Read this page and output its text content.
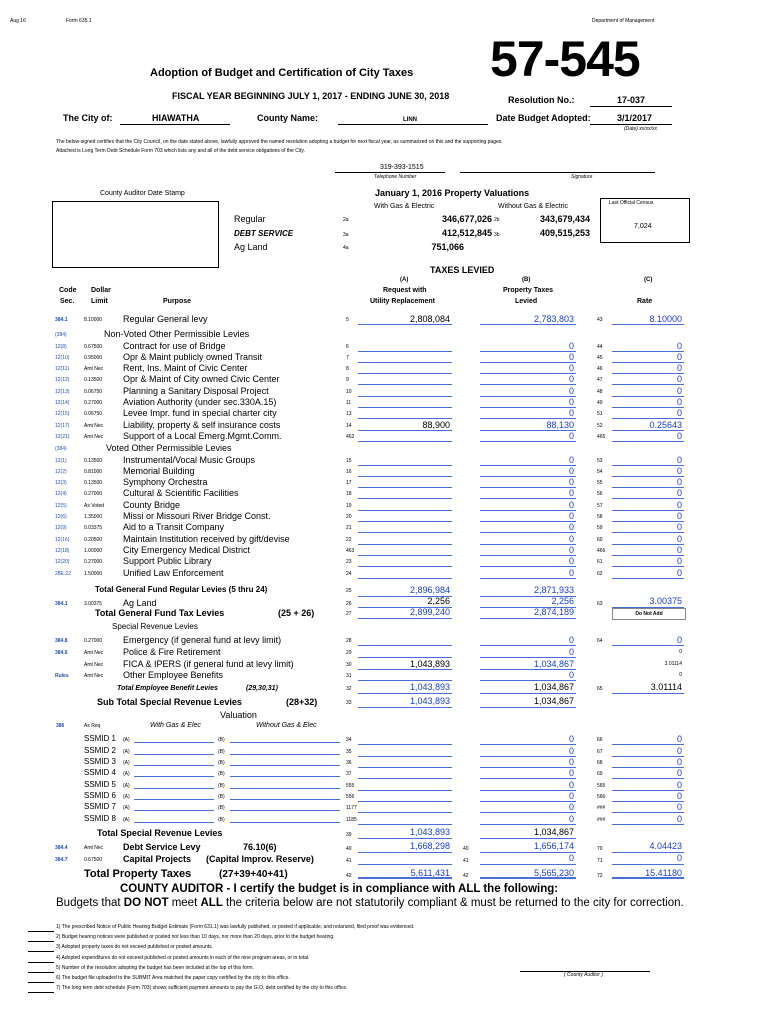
Aug 16	Form 635.1	Department of Management
57-545
Adoption of Budget and Certification of City Taxes
FISCAL YEAR BEGINNING JULY 1, 2017 - ENDING JUNE 30, 2018	Resolution No.:	17-037
The City of:	HIAWATHA	County Name:	LINN	Date Budget Adopted:	3/1/2017
(Date) xx/xx/xx
The below-signed certifies that the City Council, on the date stated above, lawfully approved the named resolution adopting a budget for next fiscal year, as summarized on this and the supporting pages.
Attached is Long Term Debt Schedule Form 703 which lists any and all of the debt service obligations of the City.
319-393-1515
Telephone Number	Signature
County Auditor Date Stamp	January 1, 2016 Property Valuations
With Gas & Electric	Without Gas & Electric	Last Official Census
7,024
Regular	2a	346,677,026 2b	343,679,434
DEBT SERVICE	3a	412,512,845 3b	409,515,253
Ag Land	4a	751,066
TAXES LEVIED
(A)	(B)	(C)
Code Dollar	Request with	Property Taxes
Sec. Limit	Purpose	Utility Replacement	Levied	Rate
384.1	8.10000 Regular General levy	5	2,808,084	2,783,803	43	8.10000
(384)	Non-Voted Other Permissible Levies
12(8)	0.67500 Contract for use of Bridge	6	0	44	0
12(10)	0.95000 Opr & Maint publicly owned Transit	7	0	45	0
12(11)	Amt Nec Rent, Ins. Maint of Civic Center	8	0	46	0
12(12)	0.13500 Opr & Maint of City owned Civic Center	9	0	47	0
12(13)	0.06750 Planning a Sanitary Disposal Project	10	0	48	0
12(14)	0.27000 Aviation Authority (under sec.330A.15)	11	0	49	0
12(15)	0.06750 Levee Impr. fund in special charter city	13	0	51	0
12(17)	Amt Nec Liability, property & self insurance costs	14	88,900	88,130	52	0.25643
12(21)	Amt Nec Support of a Local Emerg.Mgmt.Comm.	462	0	465	0
(384)	Voted Other Permissible Levies
12(1)	0.13500 Instrumental/Vocal Music Groups	15	0	53	0
12(2)	0.81000 Memorial Building	16	0	54	0
12(3)	0.13500 Symphony Orchestra	17	0	55	0
12(4)	0.27000 Cultural & Scientific Facilities	18	0	56	0
12(5)	As Voted County Bridge	19	0	57	0
12(6)	1.35000 Missi or Missouri River Bridge Const.	20	0	58	0
12(9)	0.03375 Aid to a Transit Company	21	0	59	0
12(16)	0.20500 Maintain Institution received by gift/devise	22	0	60	0
12(18)	1.00000 City Emergency Medical District	463	0	466	0
12(20)	0.27000 Support Public Library	23	0	61	0
28E.22	1.50000 Unified Law Enforcement	24	0	62	0
Total General Fund Regular Levies (5 thru 24)	25	2,896,984	2,871,933
384.1	3.00375 Ag Land	26	2,256	2,256	63	3.00375
Total General Fund Tax Levies	(25 + 26)	27	2,899,240	2,874,189	Do Not Add
Special Revenue Levies
384.8	0.27000 Emergency (if general fund at levy limit)	28	0	64	0
384.6	Amt Nec Police & Fire Retirement	29	0	0
Amt Nec FICA & IPERS (if general fund at levy limit)	30	1,043,893	1,034,867	3.01114
Rules	Amt Nec Other Employee Benefits	31	0	0
Total Employee Benefit Levies	(29,30,31)	32	1,043,893	1,034,867	65	3.01114
Sub Total Special Revenue Levies	(28+32)	33	1,043,893	1,034,867
Valuation
386	As Req	With Gas & Elec	Without Gas & Elec
SSMID 1 (A)	(B)	34	0	66	0
SSMID 2 (A)	(B)	35	0	67	0
SSMID 3 (A)	(B)	36	0	68	0
SSMID 4 (A)	(B)	37	0	69	0
SSMID 5 (A)	(B)	555	0	565	0
SSMID 6 (A)	(B)	556	0	566	0
SSMID 7 (A)	(B)	1177	0	###	0
SSMID 8 (A)	(B)	1185	0	###	0
Total Special Revenue Levies	39	1,043,893	1,034,867
384.4	Amt Nec Debt Service Levy	76.10(6)	40	1,668,298	40	1,656,174	70	4.04423
384.7	0.67500 Capital Projects (Capital Improv. Reserve)	41	41	0	71	0
Total Property Taxes	(27+39+40+41)	42	5,611,431	42	5,565,230	72	15.41180
COUNTY AUDITOR - I certify the budget is in compliance with ALL the following:
Budgets that DO NOT meet ALL the criteria below are not statutorily compliant & must be returned to the city for correction.
1) The prescribed Notice of Public Hearing Budget Estimate (Form 631.1) was lawfully published, or posted if applicable, and notarized, filed proof was evidenced.
2) Budget hearing notices were published or posted not less than 10 days, nor more than 20 days, prior to the budget hearing.
3) Adopted property taxes do not exceed published or posted amounts.
4) Adopted expenditures do not exceed published or posted amounts in each of the nine program areas, or in total.
5) Number of the resolution adopting the budget has been included at the top of this form.
6) The budget file uploaded to the SUBMIT Area matched the paper copy certified by the city to this office.
7) The long term debt schedule (Form 703) shows sufficient payment amounts to pay the G.O. debt certified by the city to this office.
( County Auditor )
